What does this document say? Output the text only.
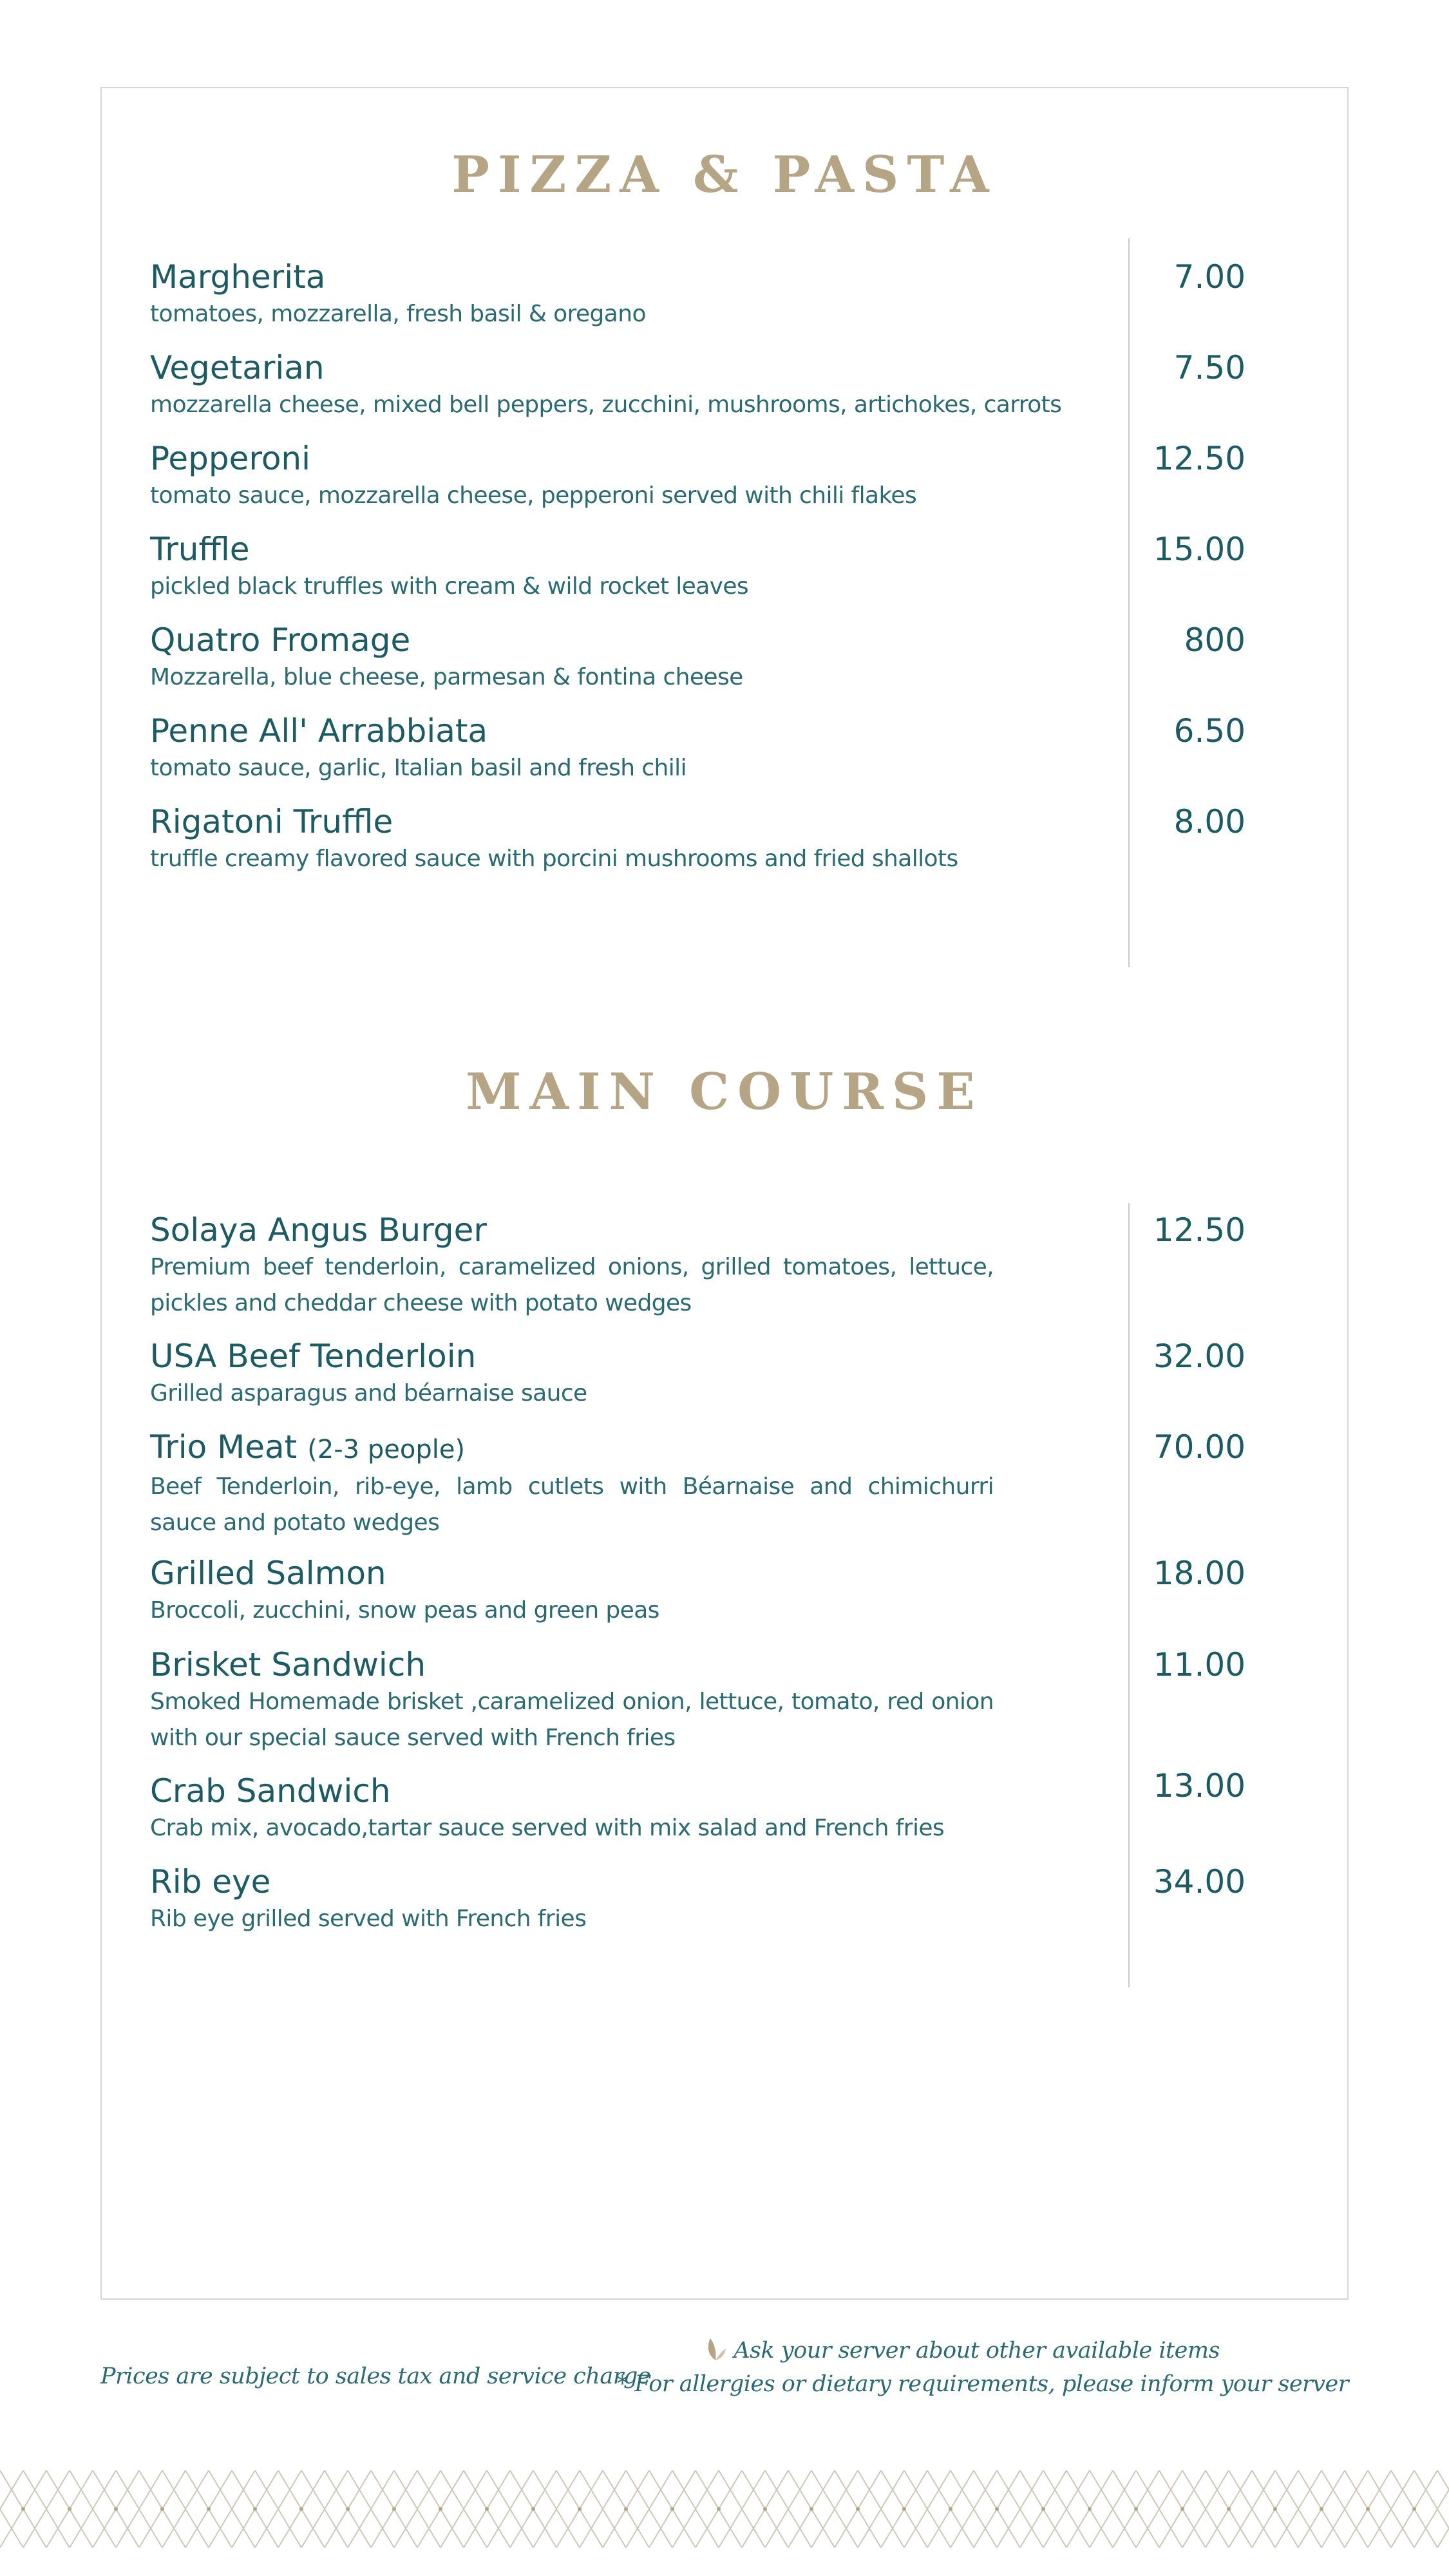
PIZZA & PASTA
Margherita
tomatoes, mozzarella, fresh basil & oregano
7.00
Vegetarian
mozzarella cheese, mixed bell peppers, zucchini, mushrooms, artichokes, carrots
7.50
Pepperoni
tomato sauce, mozzarella cheese, pepperoni served with chili flakes
12.50
Truffle
pickled black truffles with cream & wild rocket leaves
15.00
Quatro Fromage
Mozzarella, blue cheese, parmesan & fontina cheese
800
Penne All' Arrabbiata
tomato sauce, garlic, Italian basil and fresh chili
6.50
Rigatoni Truffle
truffle creamy flavored sauce with porcini mushrooms and fried shallots
8.00
MAIN COURSE
Solaya Angus Burger
Premium beef tenderloin, caramelized onions, grilled tomatoes, lettuce, pickles and cheddar cheese with potato wedges
12.50
USA Beef Tenderloin
Grilled asparagus and béarnaise sauce
32.00
Trio Meat (2-3 people)
Beef Tenderloin, rib-eye, lamb cutlets with Béarnaise and chimichurri sauce and potato wedges
70.00
Grilled Salmon
Broccoli, zucchini, snow peas and green peas
18.00
Brisket Sandwich
Smoked Homemade brisket ,caramelized onion, lettuce, tomato, red onion with our special sauce served with French fries
11.00
Crab Sandwich
Crab mix, avocado,tartar sauce served with mix salad and French fries
13.00
Rib eye
Rib eye grilled served with French fries
34.00
Prices are subject to sales tax and service charge
Ask your server about other available items
* For allergies or dietary requirements, please inform your server
